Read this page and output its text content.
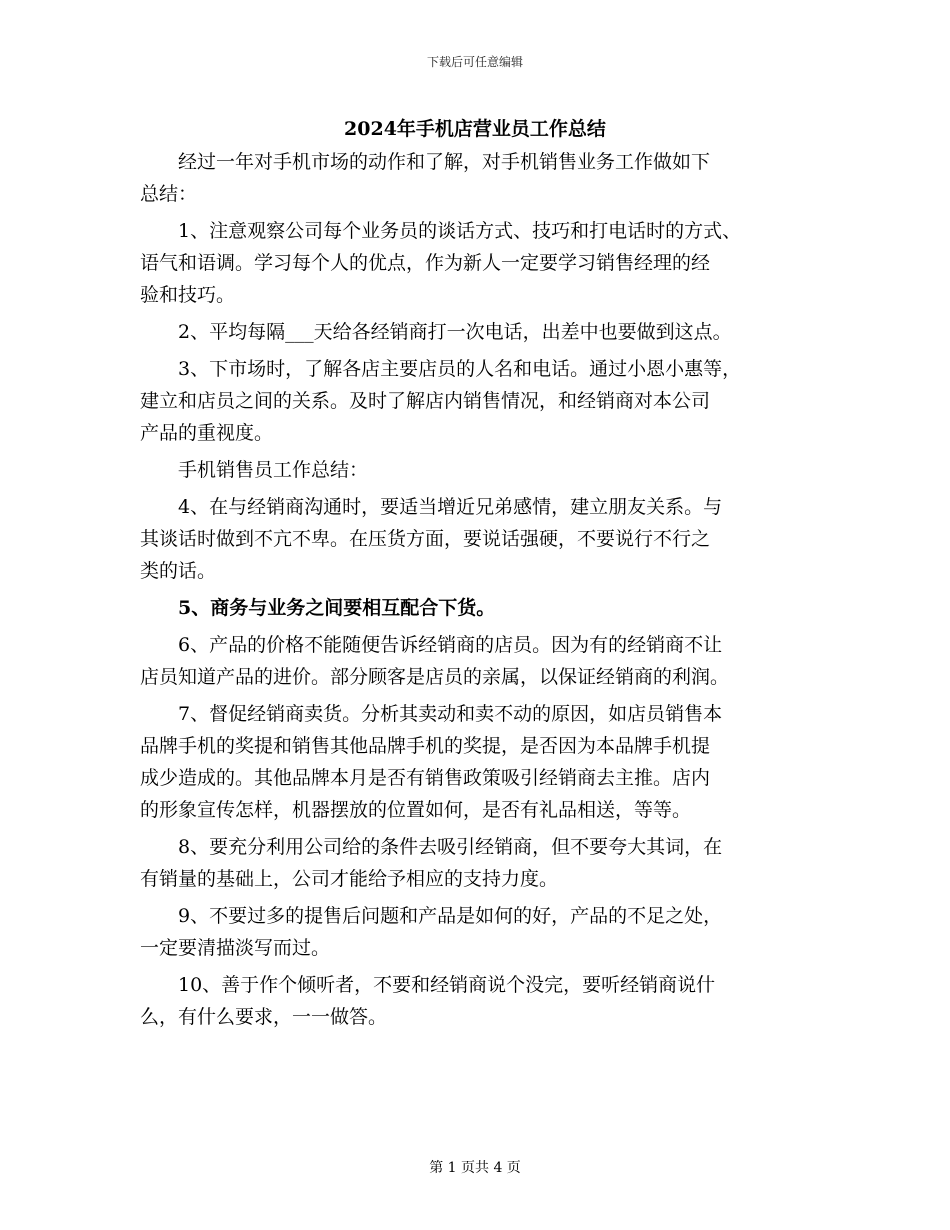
下载后可任意编辑
2024年手机店营业员工作总结

经过一年对手机市场的动作和了解，对手机销售业务工作做如下
总结：

1、注意观察公司每个业务员的谈话方式、技巧和打电话时的方式、
语气和语调。学习每个人的优点，作为新人一定要学习销售经理的经
验和技巧。

2、平均每隔___天给各经销商打一次电话，出差中也要做到这点。

3、下市场时，了解各店主要店员的人名和电话。通过小恩小惠等，
建立和店员之间的关系。及时了解店内销售情况，和经销商对本公司
产品的重视度。

手机销售员工作总结：

4、在与经销商沟通时，要适当增近兄弟感情，建立朋友关系。与
其谈话时做到不亢不卑。在压货方面，要说话强硬，不要说行不行之
类的话。

5、商务与业务之间要相互配合下货。

6、产品的价格不能随便告诉经销商的店员。因为有的经销商不让
店员知道产品的进价。部分顾客是店员的亲属，以保证经销商的利润。

7、督促经销商卖货。分析其卖动和卖不动的原因，如店员销售本
品牌手机的奖提和销售其他品牌手机的奖提，是否因为本品牌手机提
成少造成的。其他品牌本月是否有销售政策吸引经销商去主推。店内
的形象宣传怎样，机器摆放的位置如何，是否有礼品相送，等等。

8、要充分利用公司给的条件去吸引经销商，但不要夸大其词，在
有销量的基础上，公司才能给予相应的支持力度。

9、不要过多的提售后问题和产品是如何的好，产品的不足之处，
一定要清描淡写而过。

10、善于作个倾听者，不要和经销商说个没完，要听经销商说什
么，有什么要求，一一做答。

第 1 页共 4 页
